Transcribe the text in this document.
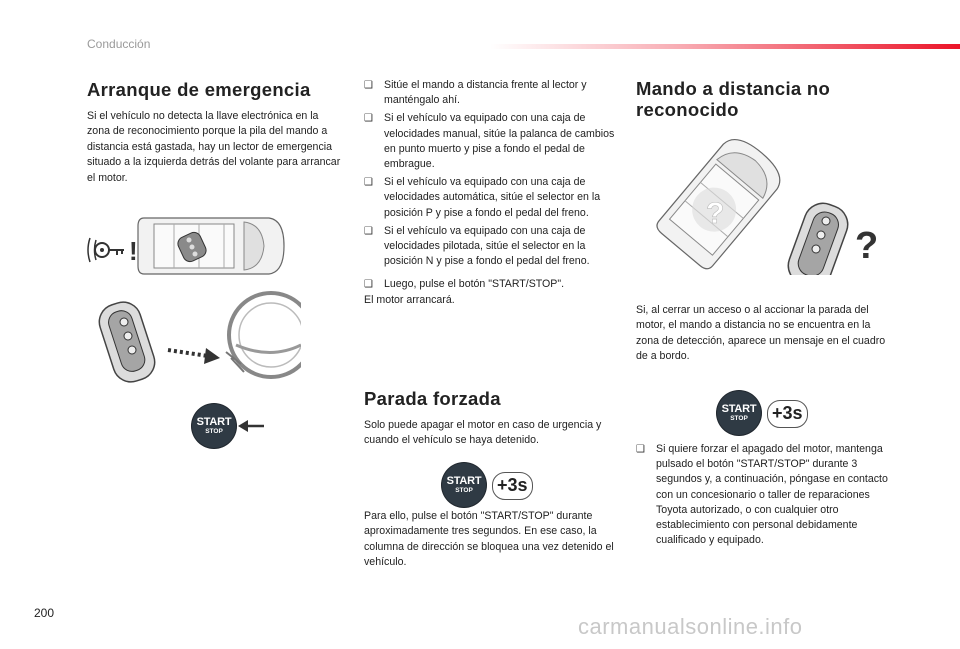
Conducción
Arranque de emergencia

Si el vehículo no detecta la llave electrónica en la zona de reconocimiento porque la pila del mando a distancia está gastada, hay un lector de emergencia situado a la izquierda detrás del volante para arrancar el motor.

!
START
STOP
❑ Sitúe el mando a distancia frente al lector y manténgalo ahí.
❑ Si el vehículo va equipado con una caja de velocidades manual, sitúe la palanca de cambios en punto muerto y pise a fondo el pedal de embrague.
❑ Si el vehículo va equipado con una caja de velocidades automática, sitúe el selector en la posición P y pise a fondo el pedal del freno.
❑ Si el vehículo va equipado con una caja de velocidades pilotada, sitúe el selector en la posición N y pise a fondo el pedal del freno.
❑ Luego, pulse el botón "START/STOP".

El motor arrancará.

Parada forzada

Solo puede apagar el motor en caso de urgencia y cuando el vehículo se haya detenido.

START
STOP +3s

Para ello, pulse el botón "START/STOP" durante aproximadamente tres segundos. En ese caso, la columna de dirección se bloquea una vez detenido el vehículo.

Mando a distancia no reconocido
?
?

Si, al cerrar un acceso o al accionar la parada del motor, el mando a distancia no se encuentra en la zona de detección, aparece un mensaje en el cuadro de a bordo.

START
STOP +3s
❑ Si quiere forzar el apagado del motor, mantenga pulsado el botón "START/STOP" durante 3 segundos y, a continuación, póngase en contacto con un concesionario o taller de reparaciones Toyota autorizado, o con cualquier otro establecimiento con personal debidamente cualificado y equipado.
200
carmanualsonline.info
